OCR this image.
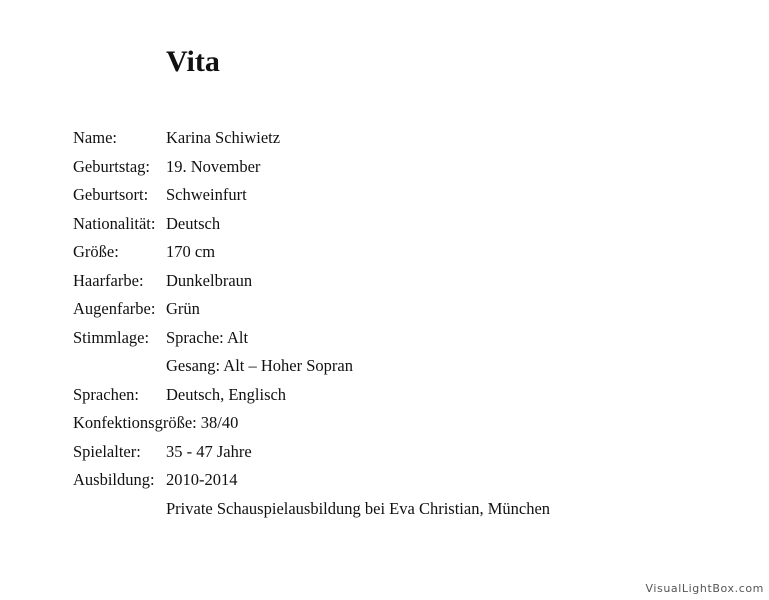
Vita
Name:	Karina Schiwietz
Geburtstag: 19. November
Geburtsort:	Schweinfurt
Nationalität: Deutsch
Größe:	170 cm
Haarfarbe:	Dunkelbraun
Augenfarbe: Grün
Stimmlage:	Sprache: Alt
Gesang: Alt – Hoher Sopran
Sprachen:	Deutsch, Englisch
Konfektionsgröße: 38/40
Spielalter:	35 - 47 Jahre
Ausbildung: 2010-2014
Private Schauspielausbildung bei Eva Christian, München
VisualLightBox.com
